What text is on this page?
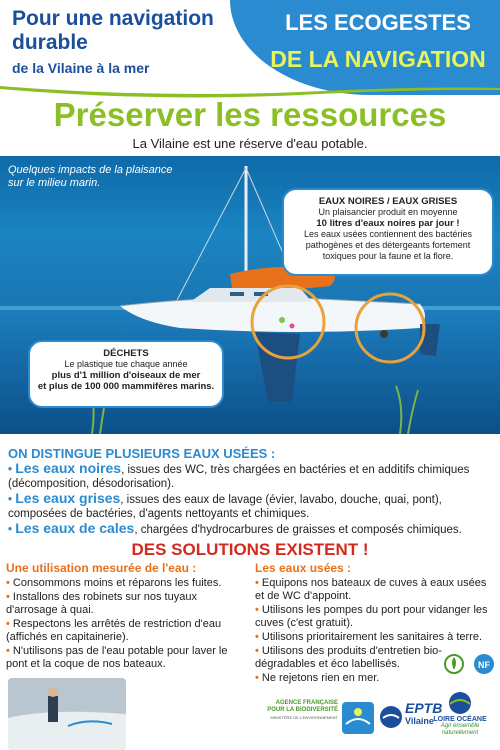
Pour une navigation
durable
de la Vilaine à la mer
LES ECOGESTES
DE LA NAVIGATION
Préserver les ressources
La Vilaine est une réserve d'eau potable.
Quelques impacts de la plaisance
sur le milieu marin.
EAUX NOIRES / EAUX GRISES
Un plaisancier produit en moyenne
10 litres d'eaux noires par jour !
Les eaux usées contiennent des bactéries
pathogènes et des détergeants fortement
toxiques pour la faune et la flore.
DÉCHETS
Le plastique tue chaque année
plus d'1 million d'oiseaux de mer
et plus de 100 000 mammifères marins.
ON DISTINGUE PLUSIEURS EAUX USÉES :

• Les eaux noires, issues des WC, très chargées en bactéries et en additifs chimiques (décomposition, désodorisation).

• Les eaux grises, issues des eaux de lavage (évier, lavabo, douche, quai, pont), composées de bactéries, d'agents nettoyants et chimiques.

• Les eaux de cales, chargées d'hydrocarbures de graisses et composés chimiques.

DES SOLUTIONS EXISTENT !
Une utilisation mesurée de l'eau :

• Consommons moins et réparons les fuites.

• Installons des robinets sur nos tuyaux d'arrosage à quai.

• Respectons les arrêtés de restriction d'eau (affichés en capitainerie).

• N'utilisons pas de l'eau potable pour laver le pont et la coque de nos bateaux.

Les eaux usées :

• Equipons nos bateaux de cuves à eaux usées et de WC d'appoint.

• Utilisons les pompes du port pour vidanger les cuves (c'est gratuit).

• Utilisons prioritairement les sanitaires à terre.

• Utilisons des produits d'entretien bio-dégradables et éco labellisés.

• Ne rejetons rien en mer.

NF
AGENCE FRANÇAISE
POUR LA BIODIVERSITÉ
MINISTÈRE DE L'ENVIRONNEMENT
EPTB
Vilaine LOIRE OCÉANE
Agir ensemble
naturellement
